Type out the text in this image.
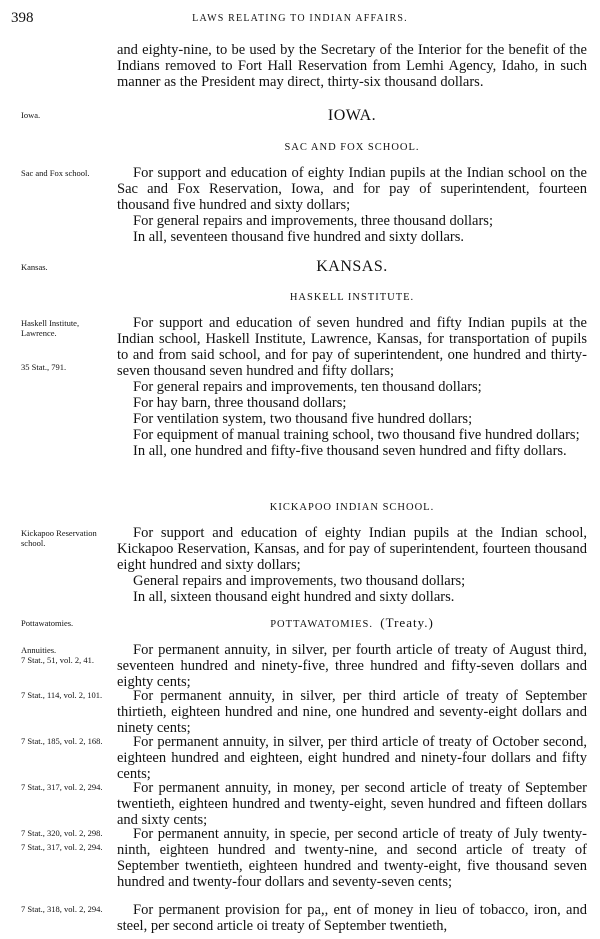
398	LAWS RELATING TO INDIAN AFFAIRS.

and eighty-nine, to be used by the Secretary of the Interior for the benefit of the Indians removed to Fort Hall Reservation from Lemhi Agency, Idaho, in such manner as the President may direct, thirty-six thousand dollars.

Iowa.	IOWA.
SAC AND FOX SCHOOL.
Sac and Fox school.	For support and education of eighty Indian pupils at the Indian school on the Sac and Fox Reservation, Iowa, and for pay of superintendent, fourteen thousand five hundred and sixty dollars;

For general repairs and improvements, three thousand dollars;

In all, seventeen thousand five hundred and sixty dollars.

Kansas.	KANSAS.
HASKELL INSTITUTE.
Haskell Institute, Lawrence.
35 Stat., 791.

For support and education of seven hundred and fifty Indian pupils at the Indian school, Haskell Institute, Lawrence, Kansas, for transportation of pupils to and from said school, and for pay of superintendent, one hundred and thirty-seven thousand seven hundred and fifty dollars;

For general repairs and improvements, ten thousand dollars;

For hay barn, three thousand dollars;

For ventilation system, two thousand five hundred dollars;

For equipment of manual training school, two thousand five hundred dollars;

In all, one hundred and fifty-five thousand seven hundred and fifty dollars.

KICKAPOO INDIAN SCHOOL.
Kickapoo Reservation school.

For support and education of eighty Indian pupils at the Indian school, Kickapoo Reservation, Kansas, and for pay of superintendent, fourteen thousand eight hundred and sixty dollars;

General repairs and improvements, two thousand dollars;

In all, sixteen thousand eight hundred and sixty dollars.

Pottawatomies.	POTTAWATOMIES. (Treaty.)
Annuities.
7 Stat., 51, vol. 2, 41.

For permanent annuity, in silver, per fourth article of treaty of August third, seventeen hundred and ninety-five, three hundred and fifty-seven dollars and eighty cents;

7 Stat., 114, vol. 2, 101.	For permanent annuity, in silver, per third article of treaty of September thirtieth, eighteen hundred and nine, one hundred and seventy-eight dollars and ninety cents;

7 Stat., 185, vol. 2, 168.	For permanent annuity, in silver, per third article of treaty of October second, eighteen hundred and eighteen, eight hundred and ninety-four dollars and fifty cents;

7 Stat., 317, vol. 2, 294.	For permanent annuity, in money, per second article of treaty of September twentieth, eighteen hundred and twenty-eight, seven hundred and fifteen dollars and sixty cents;

7 Stat., 320, vol. 2, 298.
7 Stat., 317, vol. 2, 294.

For permanent annuity, in specie, per second article of treaty of July twenty-ninth, eighteen hundred and twenty-nine, and second article of treaty of September twentieth, eighteen hundred and twenty-eight, five thousand seven hundred and twenty-four dollars and seventy-seven cents;

7 Stat., 318, vol. 2, 294.	For permanent provision for pa,, ent of money in lieu of tobacco, iron, and steel, per second article oi treaty of September twentieth,
